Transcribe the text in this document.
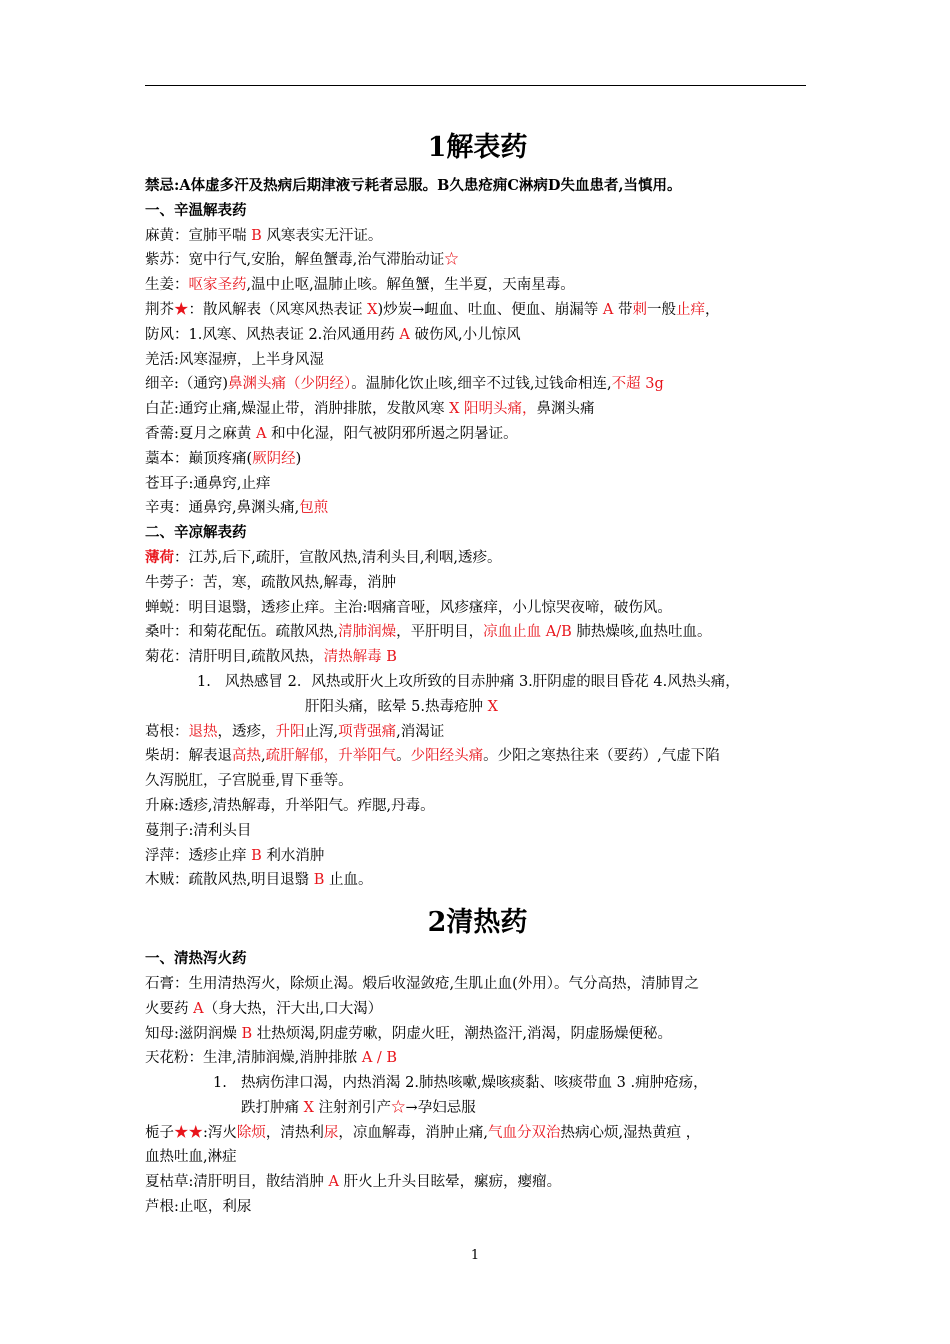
1解表药
禁忌:A体虚多汗及热病后期津液亏耗者忌服。B久患疮痈C淋病D失血患者,当慎用。
一、辛温解表药
麻黄：宣肺平喘 B 风寒表实无汗证。
紫苏：宽中行气,安胎，解鱼蟹毒,治气滞胎动证☆
生姜：呕家圣药,温中止呕,温肺止咳。解鱼蟹，生半夏，天南星毒。
荆芥★：散风解表（风寒风热表证 X)炒炭→衄血、吐血、便血、崩漏等 A 带刺一般止痒，
防风：1.风寒、风热表证 2.治风通用药 A 破伤风,小儿惊风
羌活:风寒湿痹，上半身风湿
细辛:（通窍)鼻渊头痛（少阴经）。温肺化饮止咳,细辛不过钱,过钱命相连,不超 3g
白芷:通窍止痛,燥湿止带，消肿排脓，发散风寒 X 阳明头痛，鼻渊头痛
香薷:夏月之麻黄 A 和中化湿，阳气被阴邪所遏之阴暑证。
藁本：巅顶疼痛(厥阴经)
苍耳子:通鼻窍,止痒
辛夷：通鼻窍,鼻渊头痛,包煎
二、辛凉解表药
薄荷：江苏,后下,疏肝，宣散风热,清利头目,利咽,透疹。
牛蒡子：苦，寒，疏散风热,解毒，消肿
蝉蜕：明目退翳，透疹止痒。主治:咽痛音哑，风疹瘙痒，小儿惊哭夜啼，破伤风。
桑叶：和菊花配伍。疏散风热,清肺润燥，平肝明目，凉血止血 A/B 肺热燥咳,血热吐血。
菊花：清肝明目,疏散风热，清热解毒 B
1. 风热感冒 2．风热或肝火上攻所致的目赤肿痛 3.肝阴虚的眼目昏花 4.风热头痛，
肝阳头痛，眩晕 5.热毒疮肿 X
葛根：退热，透疹，升阳止泻,项背强痛,消渴证
柴胡：解表退高热,疏肝解郁，升举阳气。少阳经头痛。少阳之寒热往来（要药）,气虚下陷
久泻脱肛，子宫脱垂,胃下垂等。
升麻:透疹,清热解毒，升举阳气。痄腮,丹毒。
蔓荆子:清利头目
浮萍：透疹止痒 B 利水消肿
木贼：疏散风热,明目退翳 B 止血。
2清热药
一、清热泻火药
石膏：生用清热泻火，除烦止渴。煅后收湿敛疮,生肌止血(外用）。气分高热，清肺胃之
火要药 A（身大热，汗大出,口大渴）
知母:滋阴润燥 B 壮热烦渴,阴虚劳嗽，阴虚火旺，潮热盗汗,消渴，阴虚肠燥便秘。
天花粉：生津,清肺润燥,消肿排脓 A / B
1. 热病伤津口渴，内热消渴 2.肺热咳嗽,燥咳痰黏、咳痰带血 3 .痈肿疮疡，
跌打肿痛 X 注射剂引产☆→孕妇忌服
栀子★★:泻火除烦，清热利尿，凉血解毒，消肿止痛,气血分双治热病心烦,湿热黄疸 ，
血热吐血,淋症
夏枯草:清肝明目，散结消肿 A 肝火上升头目眩晕，瘰疬，瘿瘤。
芦根:止呕，利尿
1
